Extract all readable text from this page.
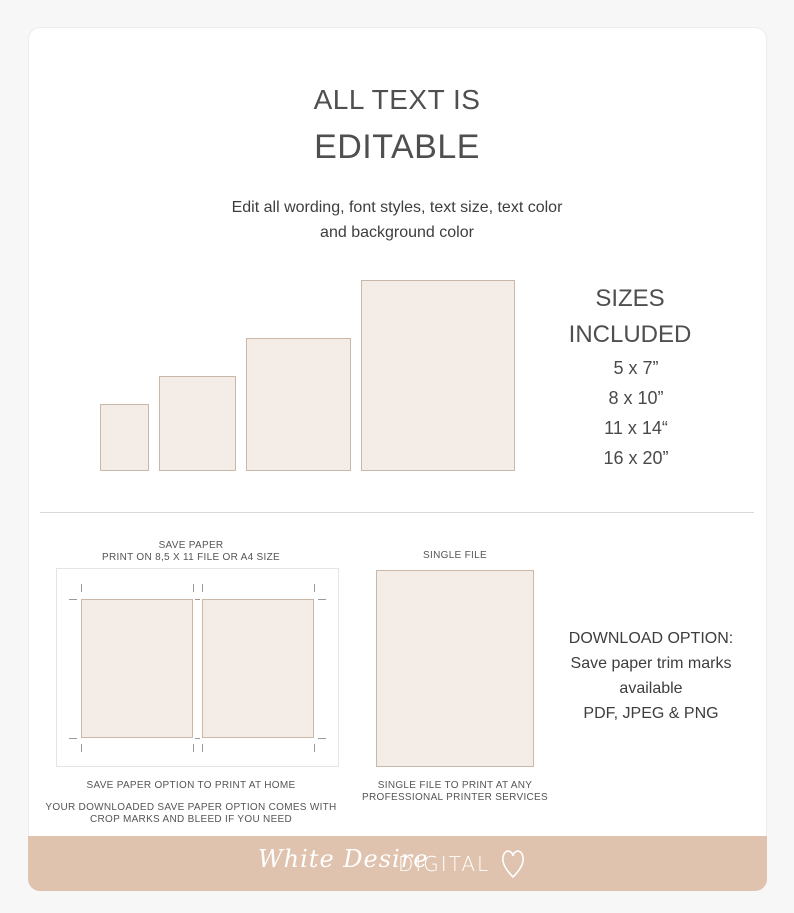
ALL TEXT IS
EDITABLE
Edit all wording, font styles, text size, text color
and background color
SIZES
INCLUDED
5 x 7”
8 x 10”
11 x 14“
16 x 20”
SAVE PAPER
PRINT ON 8,5 X 11 FILE OR A4 SIZE
SAVE PAPER OPTION TO PRINT AT HOME
YOUR DOWNLOADED SAVE PAPER OPTION COMES WITH
CROP MARKS AND BLEED IF YOU NEED
SINGLE FILE
SINGLE FILE TO PRINT AT ANY
PROFESSIONAL PRINTER SERVICES
DOWNLOAD OPTION:
Save paper trim marks
available
PDF, JPEG & PNG
White Desire
DIGITAL
